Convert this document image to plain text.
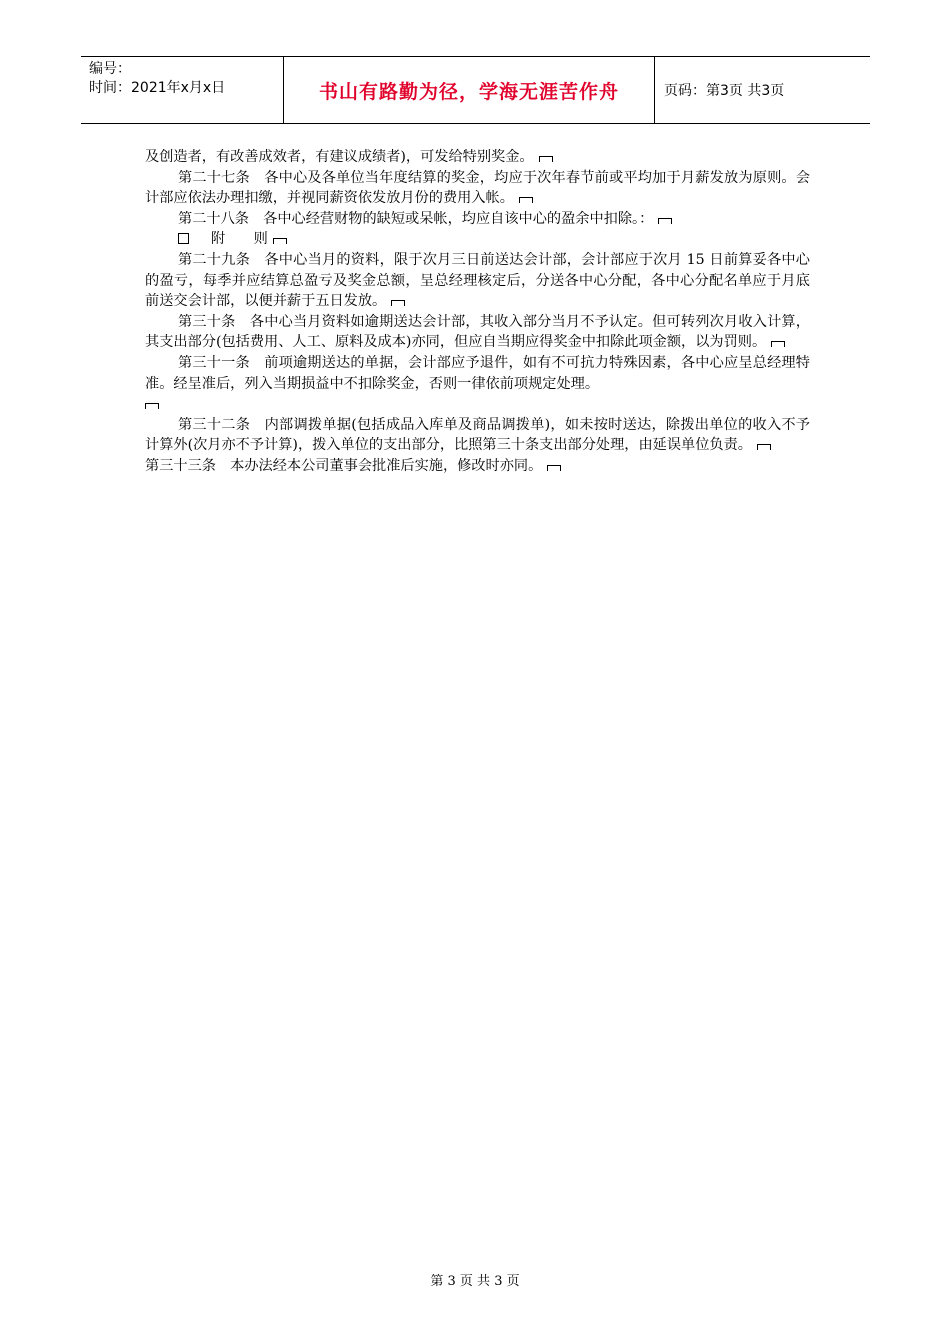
编号：
时间：2021年x月x日	书山有路勤为径，学海无涯苦作舟	页码：第3页 共3页

及创造者，有改善成效者，有建议成绩者)，可发给特别奖金。

第二十七条　各中心及各单位当年度结算的奖金，均应于次年春节前或平均加于月薪发放为原则。会计部应依法办理扣缴，并视同薪资依发放月份的费用入帐。

第二十八条　各中心经营财物的缺短或呆帐，均应自该中心的盈余中扣除。：

附　　则

第二十九条　各中心当月的资料，限于次月三日前送达会计部，会计部应于次月 15 日前算妥各中心的盈亏，每季并应结算总盈亏及奖金总额，呈总经理核定后，分送各中心分配，各中心分配名单应于月底前送交会计部，以便并薪于五日发放。

第三十条　各中心当月资料如逾期送达会计部，其收入部分当月不予认定。但可转列次月收入计算，其支出部分(包括费用、人工、原料及成本)亦同，但应自当期应得奖金中扣除此项金额，以为罚则。

第三十一条　前项逾期送达的单据，会计部应予退件，如有不可抗力特殊因素，各中心应呈总经理特准。经呈准后，列入当期损益中不扣除奖金，否则一律依前项规定处理。

第三十二条　内部调拨单据(包括成品入库单及商品调拨单)，如未按时送达，除拨出单位的收入不予计算外(次月亦不予计算)，拨入单位的支出部分，比照第三十条支出部分处理，由延误单位负责。

第三十三条　本办法经本公司董事会批准后实施，修改时亦同。

第 3 页 共 3 页
